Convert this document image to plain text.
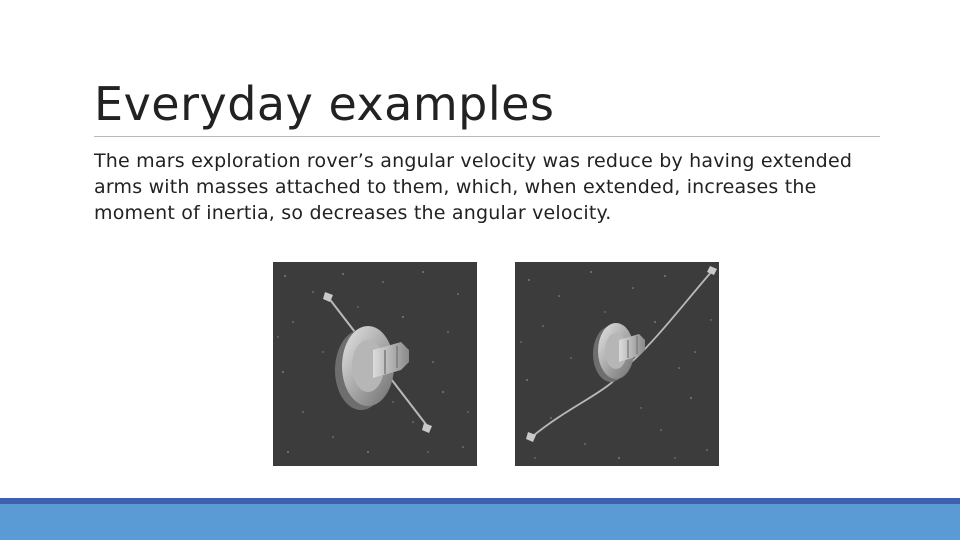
Everyday examples

The mars exploration rover’s angular velocity was reduce by having extended arms with masses attached to them, which, when extended, increases the moment of inertia, so decreases the angular velocity.
